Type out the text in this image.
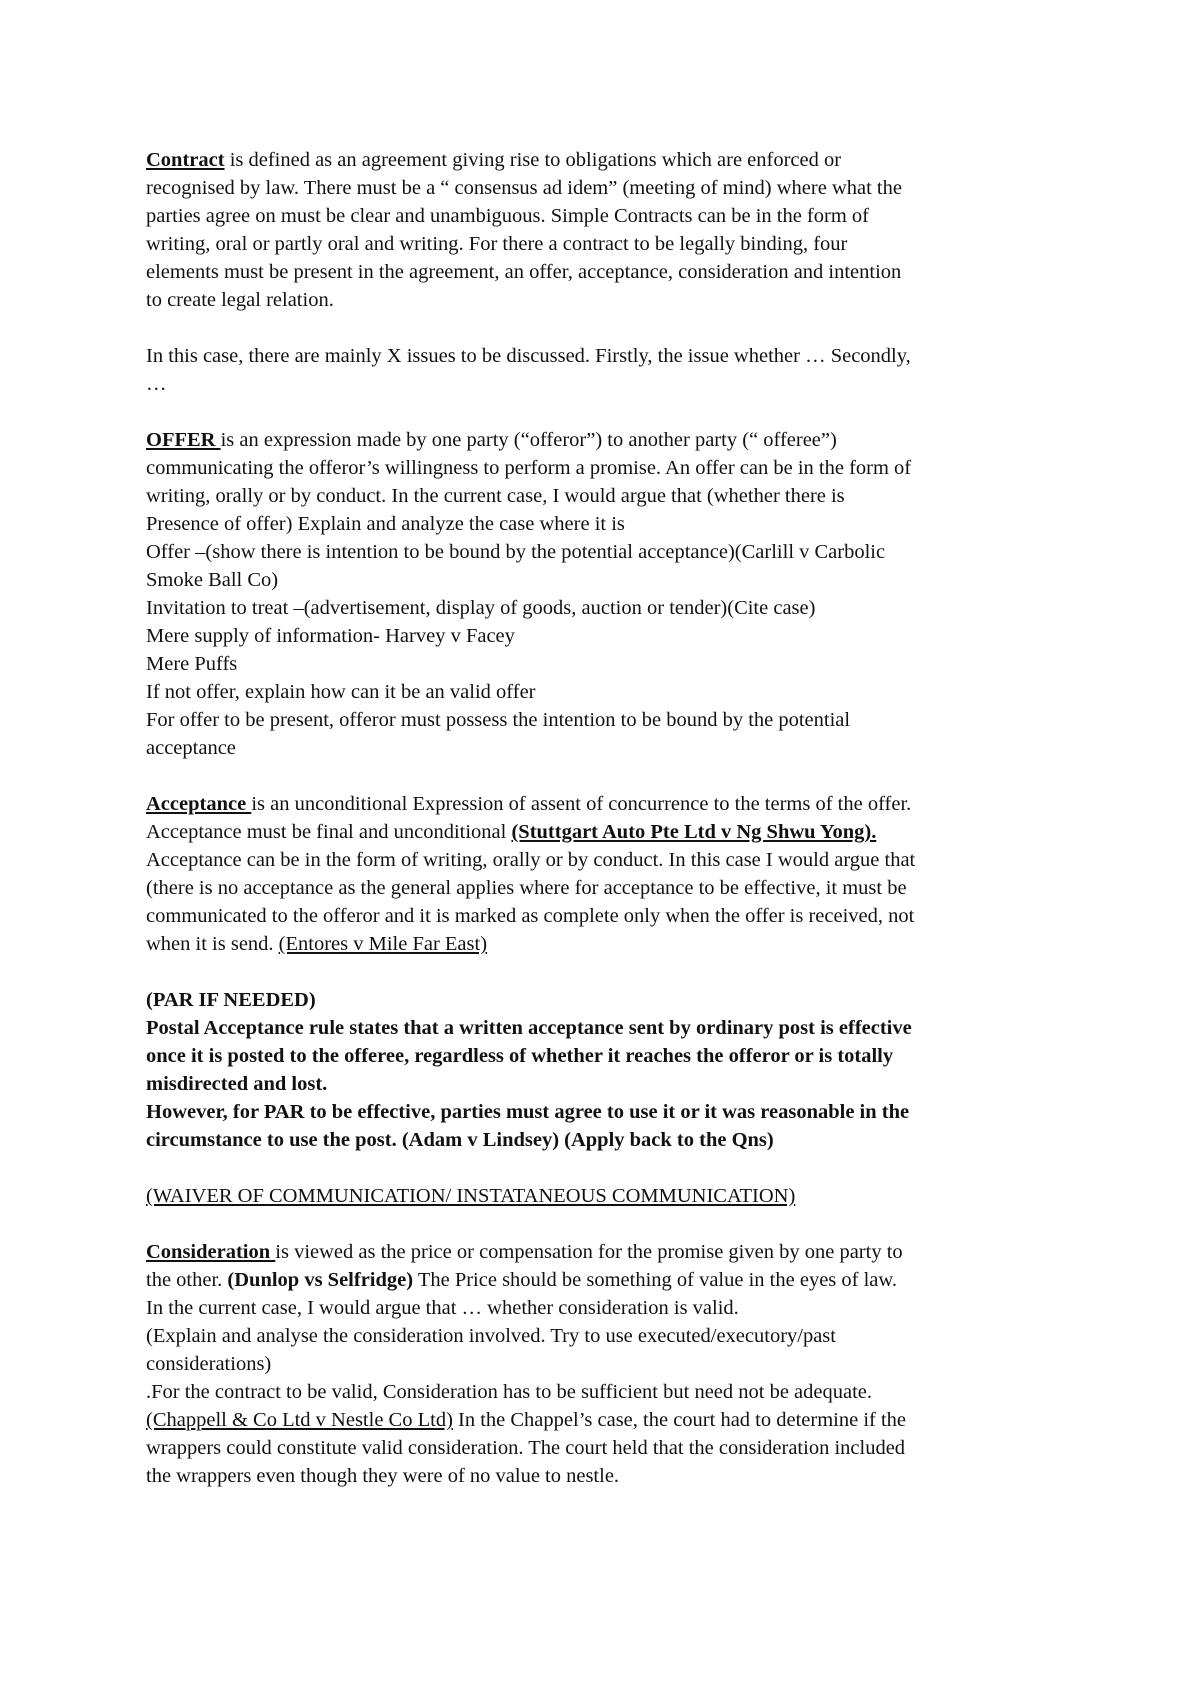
Contract is defined as an agreement giving rise to obligations which are enforced or
recognised by law. There must be a “ consensus ad idem” (meeting of mind) where what the
parties agree on must be clear and unambiguous. Simple Contracts can be in the form of
writing, oral or partly oral and writing. For there a contract to be legally binding, four
elements must be present in the agreement, an offer, acceptance, consideration and intention
to create legal relation.
In this case, there are mainly X issues to be discussed. Firstly, the issue whether … Secondly,
…
OFFER is an expression made by one party (“offeror”) to another party (“ offeree”)
communicating the offeror’s willingness to perform a promise. An offer can be in the form of
writing, orally or by conduct. In the current case, I would argue that (whether there is
Presence of offer) Explain and analyze the case where it is
Offer –(show there is intention to be bound by the potential acceptance)(Carlill v Carbolic
Smoke Ball Co)
Invitation to treat –(advertisement, display of goods, auction or tender)(Cite case)
Mere supply of information- Harvey v Facey
Mere Puffs
If not offer, explain how can it be an valid offer
For offer to be present, offeror must possess the intention to be bound by the potential
acceptance
Acceptance is an unconditional Expression of assent of concurrence to the terms of the offer.
Acceptance must be final and unconditional (Stuttgart Auto Pte Ltd v Ng Shwu Yong).
Acceptance can be in the form of writing, orally or by conduct. In this case I would argue that
(there is no acceptance as the general applies where for acceptance to be effective, it must be
communicated to the offeror and it is marked as complete only when the offer is received, not
when it is send. (Entores v Mile Far East)
(PAR IF NEEDED)
Postal Acceptance rule states that a written acceptance sent by ordinary post is effective
once it is posted to the offeree, regardless of whether it reaches the offeror or is totally
misdirected and lost.
However, for PAR to be effective, parties must agree to use it or it was reasonable in the
circumstance to use the post. (Adam v Lindsey) (Apply back to the Qns)
(WAIVER OF COMMUNICATION/ INSTATANEOUS COMMUNICATION)
Consideration is viewed as the price or compensation for the promise given by one party to
the other. (Dunlop vs Selfridge) The Price should be something of value in the eyes of law.
In the current case, I would argue that … whether consideration is valid.
(Explain and analyse the consideration involved. Try to use executed/executory/past
considerations)
.For the contract to be valid, Consideration has to be sufficient but need not be adequate.
(Chappell & Co Ltd v Nestle Co Ltd) In the Chappel’s case, the court had to determine if the
wrappers could constitute valid consideration. The court held that the consideration included
the wrappers even though they were of no value to nestle.
